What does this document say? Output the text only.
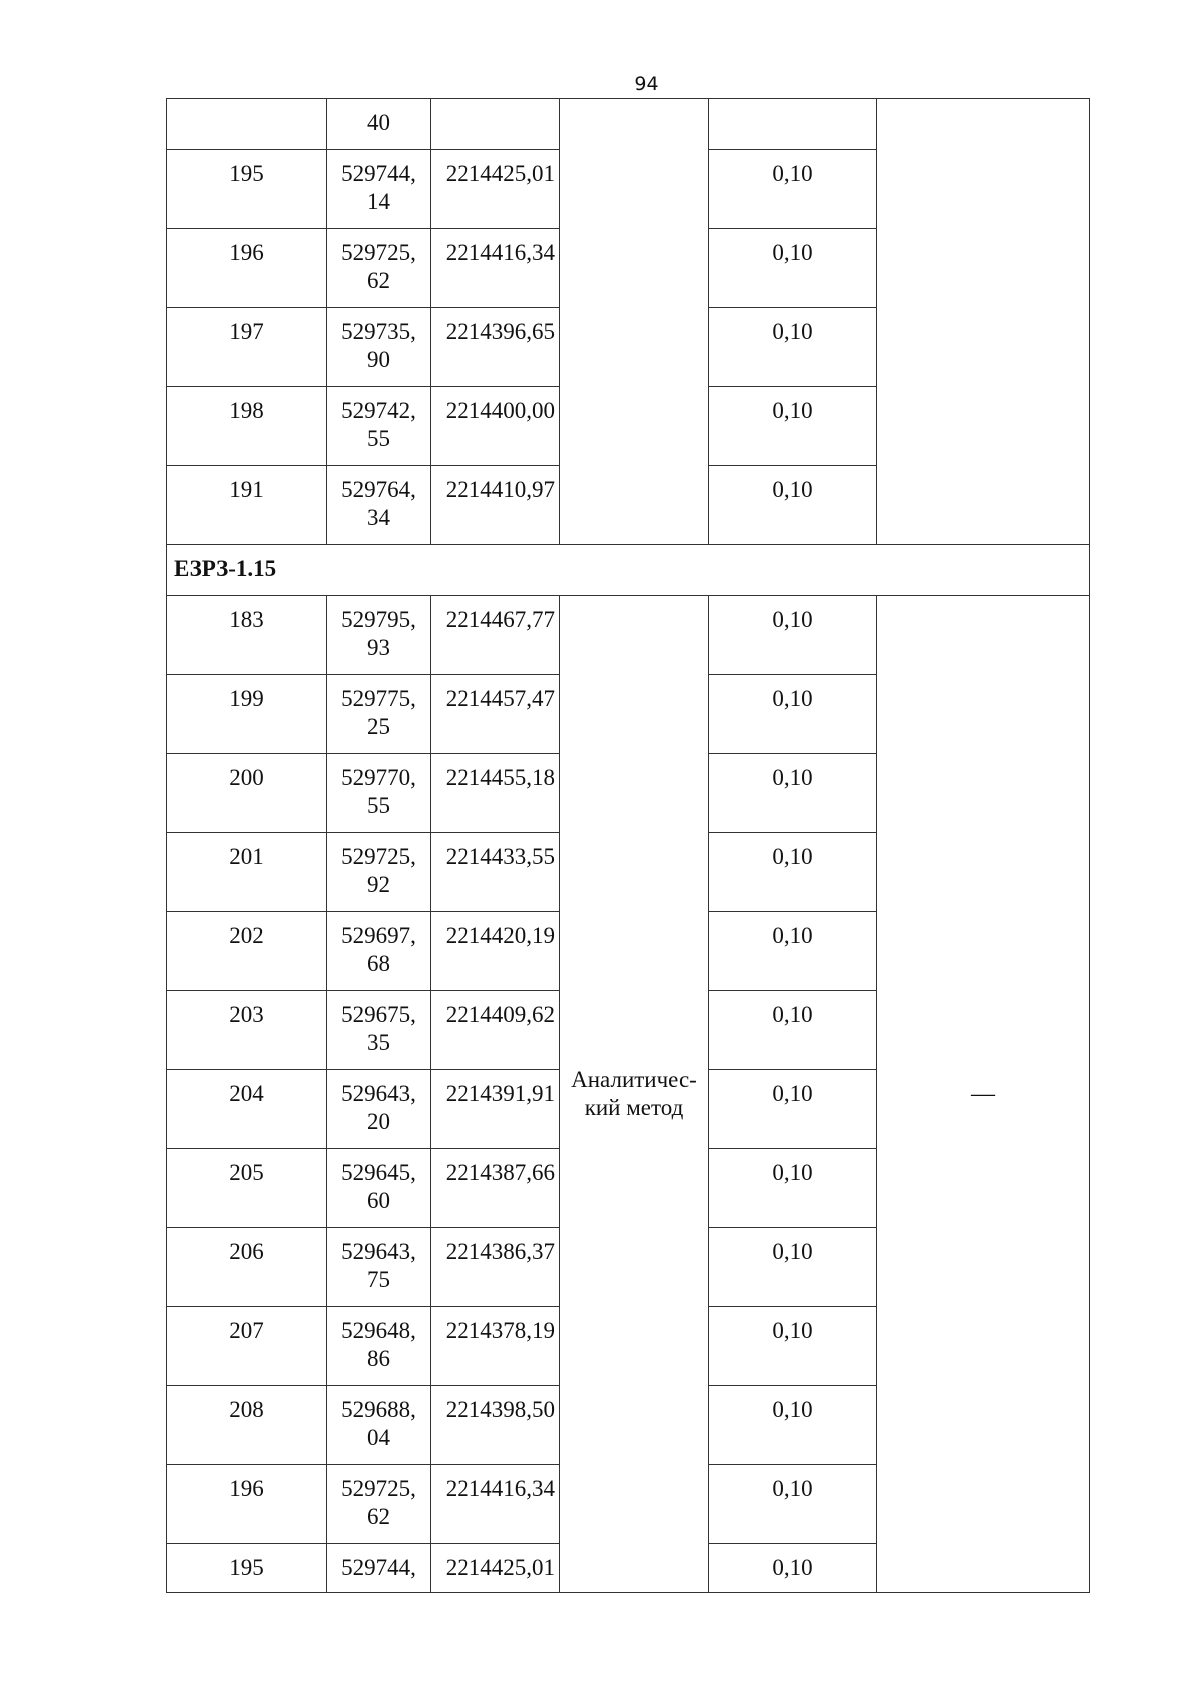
94
	40				
195	529744, 14	2214425,01		0,10	
196	529725, 62	2214416,34		0,10	
197	529735, 90	2214396,65		0,10	
198	529742, 55	2214400,00		0,10	
191	529764, 34	2214410,97		0,10	
ЕЗРЗ-1.15					
183	529795, 93	2214467,77	Аналитичес- кий метод	0,10	—
199	529775, 25	2214457,47		0,10	
200	529770, 55	2214455,18		0,10	
201	529725, 92	2214433,55		0,10	
202	529697, 68	2214420,19		0,10	
203	529675, 35	2214409,62		0,10	
204	529643, 20	2214391,91		0,10	
205	529645, 60	2214387,66		0,10	
206	529643, 75	2214386,37		0,10	
207	529648, 86	2214378,19		0,10	
208	529688, 04	2214398,50		0,10	
196	529725, 62	2214416,34		0,10	
195	529744,	2214425,01		0,10	
